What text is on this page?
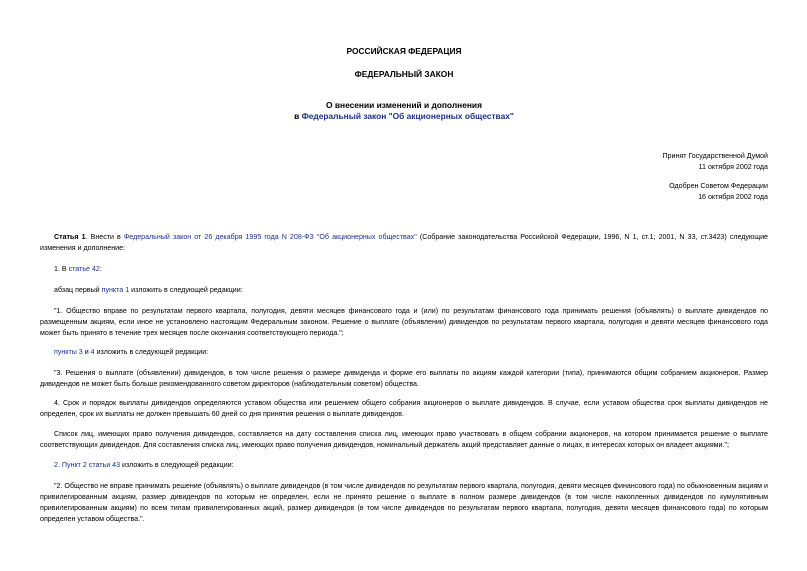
РОССИЙСКАЯ ФЕДЕРАЦИЯ
ФЕДЕРАЛЬНЫЙ ЗАКОН
О внесении изменений и дополнения
в Федеральный закон "Об акционерных обществах"
Принят Государственной Думой
11 октября 2002 года
Одобрен Советом Федерации
16 октября 2002 года
Статья 1. Внести в Федеральный закон от 26 декабря 1995 года N 208-ФЗ "Об акционерных обществах" (Собрание законодательства Российской Федерации, 1996, N 1, ст.1; 2001, N 33, ст.3423) следующие изменения и дополнение:
1. В статье 42:
абзац первый пункта 1 изложить в следующей редакции:
"1. Общество вправе по результатам первого квартала, полугодия, девяти месяцев финансового года и (или) по результатам финансового года принимать решения (объявлять) о выплате дивидендов по размещенным акциям, если иное не установлено настоящим Федеральным законом. Решение о выплате (объявлении) дивидендов по результатам первого квартала, полугодия и девяти месяцев финансового года может быть принято в течение трех месяцев после окончания соответствующего периода.";
пункты 3 и 4 изложить в следующей редакции:
"3. Решения о выплате (объявлении) дивидендов, в том числе решения о размере дивиденда и форме его выплаты по акциям каждой категории (типа), принимаются общим собранием акционеров. Размер дивидендов не может быть больше рекомендованного советом директоров (наблюдательным советом) общества.
4. Срок и порядок выплаты дивидендов определяются уставом общества или решением общего собрания акционеров о выплате дивидендов. В случае, если уставом общества срок выплаты дивидендов не определен, срок их выплаты не должен превышать 60 дней со дня принятия решения о выплате дивидендов.
Список лиц, имеющих право получения дивидендов, составляется на дату составления списка лиц, имеющих право участвовать в общем собрании акционеров, на котором принимается решение о выплате соответствующих дивидендов. Для составления списка лиц, имеющих право получения дивидендов, номинальный держатель акций представляет данные о лицах, в интересах которых он владеет акциями.";
2. Пункт 2 статьи 43 изложить в следующей редакции:
"2. Общество не вправе принимать решение (объявлять) о выплате дивидендов (в том числе дивидендов по результатам первого квартала, полугодия, девяти месяцев финансового года) по обыкновенным акциям и привилегированным акциям, размер дивидендов по которым не определен, если не принято решение о выплате в полном размере дивидендов (в том числе накопленных дивидендов по кумулятивным привилегированным акциям) по всем типам привилегированных акций, размер дивидендов (в том числе дивидендов по результатам первого квартала, полугодия, девяти месяцев финансового года) по которым определен уставом общества.".
